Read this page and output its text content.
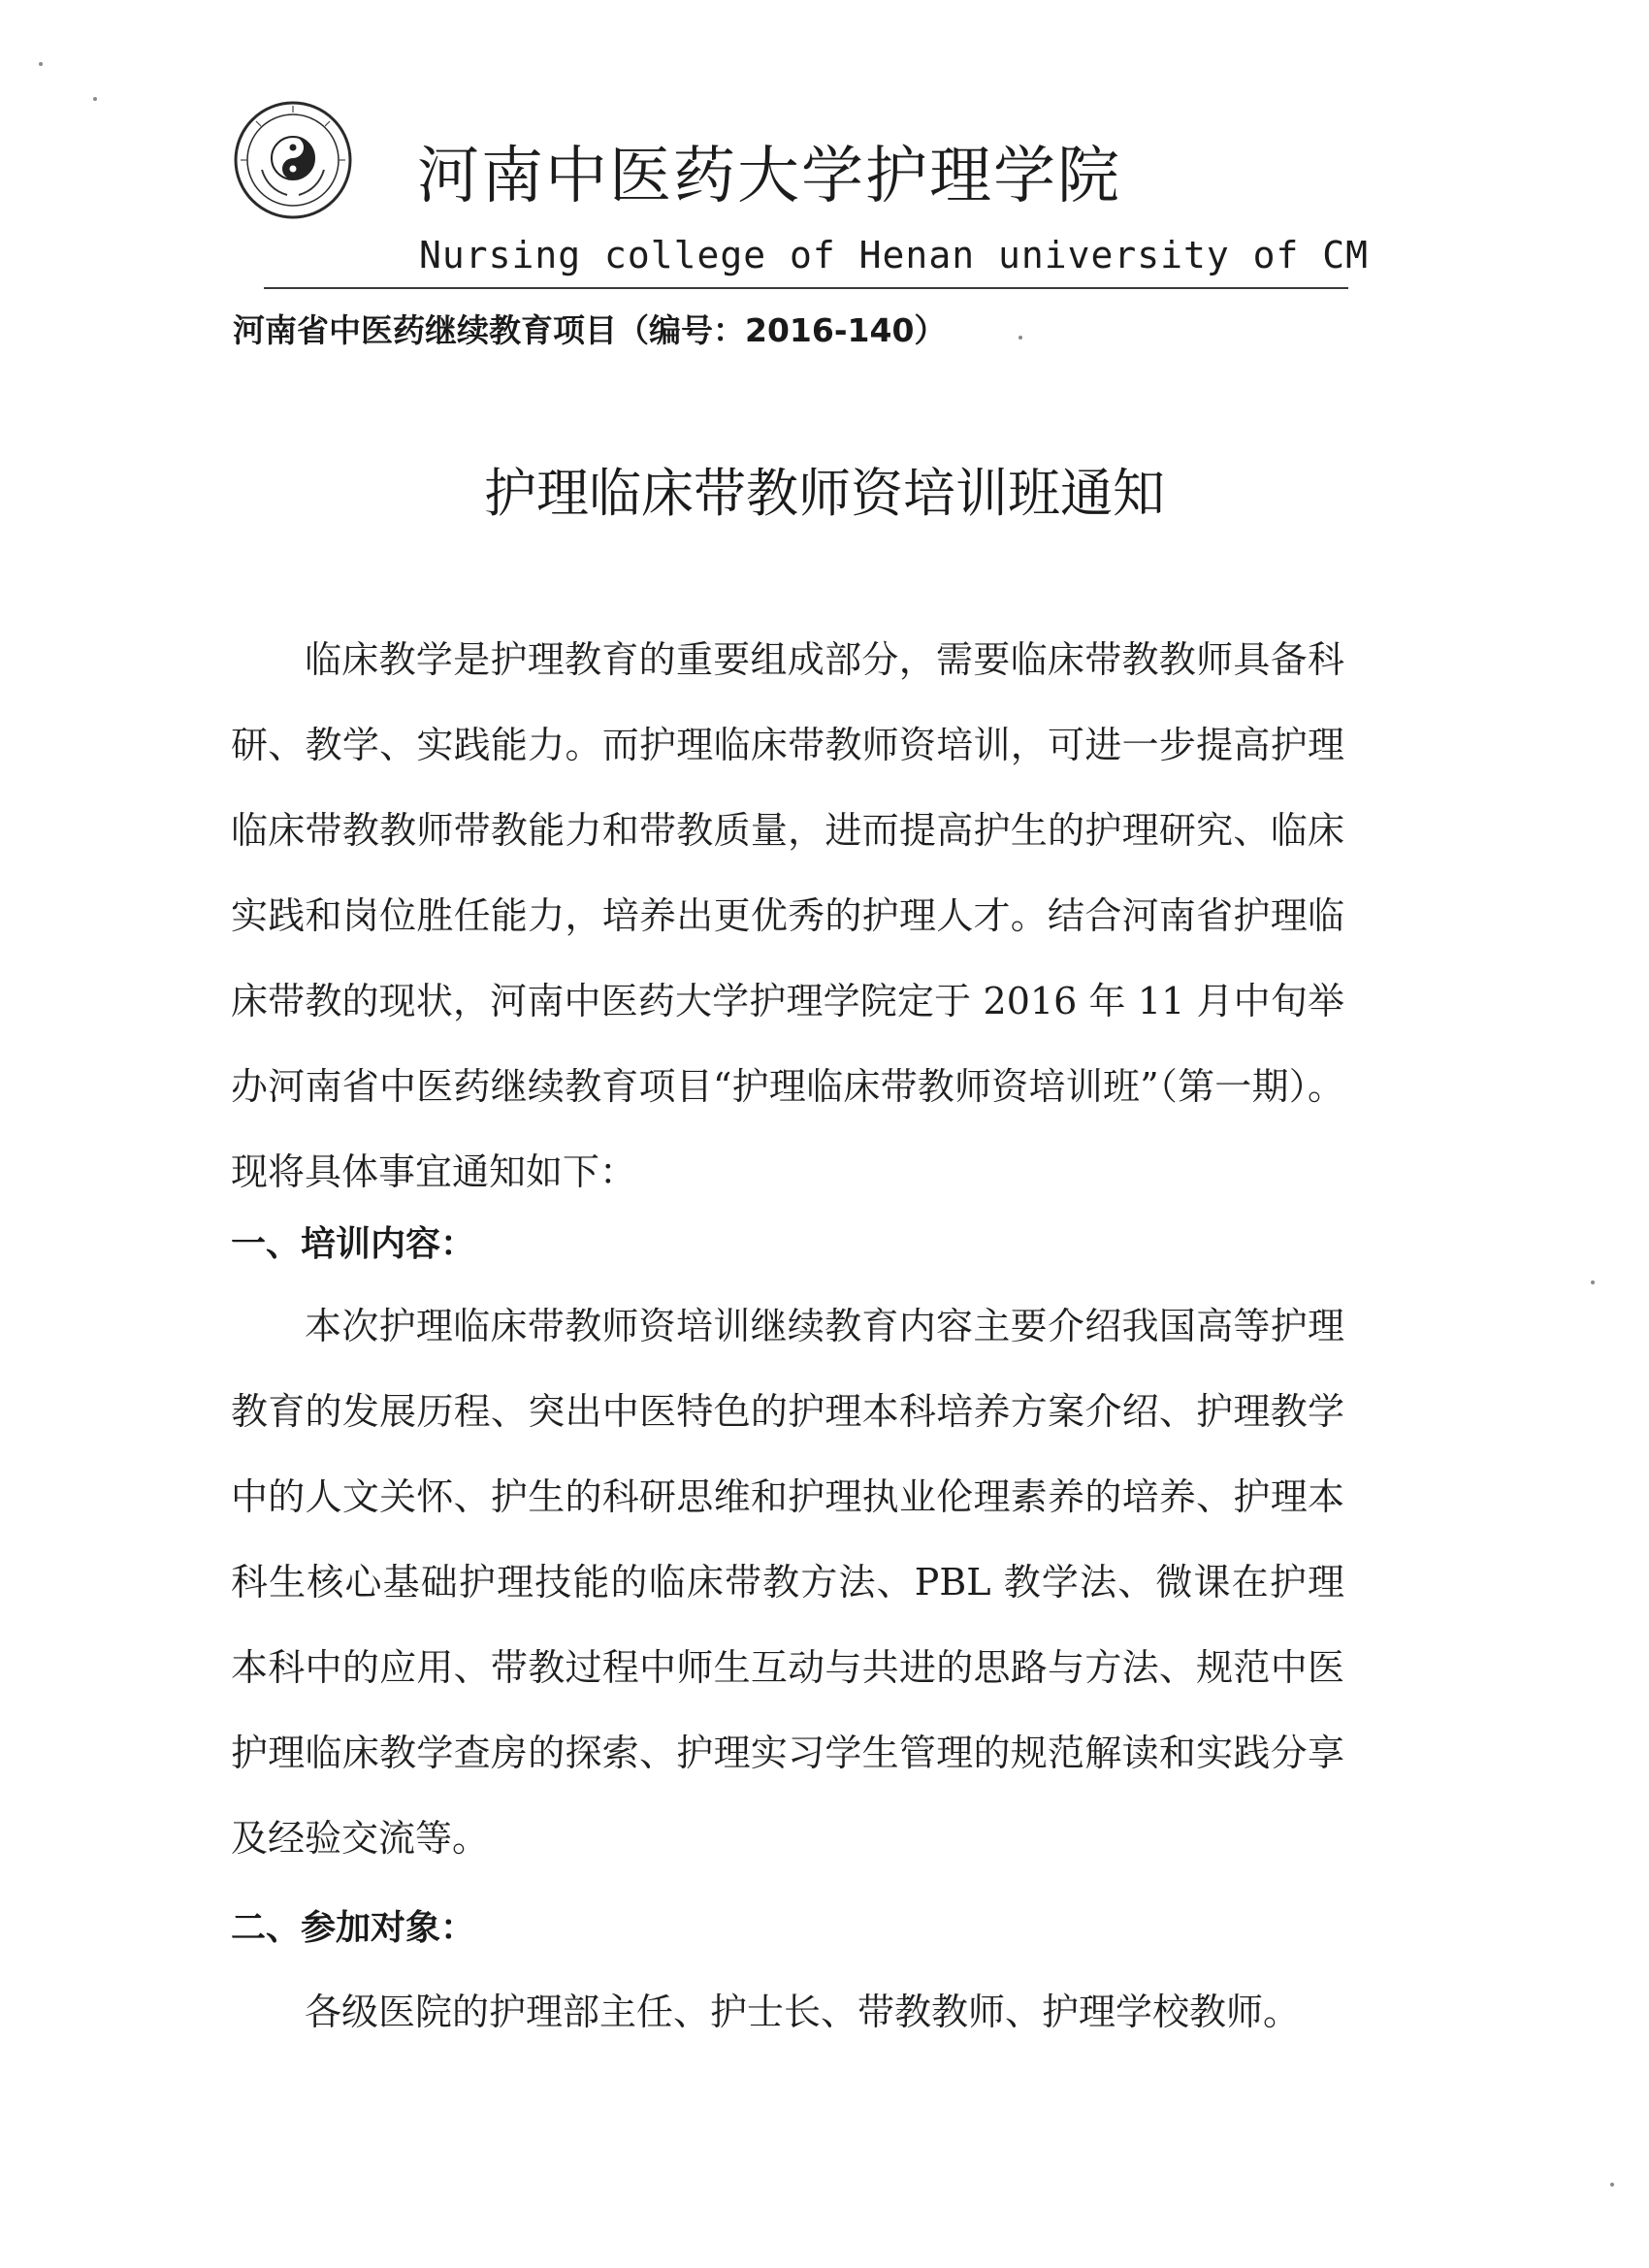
河南中医药大学护理学院
Nursing college of Henan university of CM
河南省中医药继续教育项目（编号：2016-140）
护理临床带教师资培训班通知

临床教学是护理教育的重要组成部分，需要临床带教教师具备科研、教学、实践能力。而护理临床带教师资培训，可进一步提高护理临床带教教师带教能力和带教质量，进而提高护生的护理研究、临床实践和岗位胜任能力，培养出更优秀的护理人才。结合河南省护理临床带教的现状，河南中医药大学护理学院定于 2016 年 11 月中旬举办河南省中医药继续教育项目“护理临床带教师资培训班”（第一期）。现将具体事宜通知如下：

一、培训内容：

本次护理临床带教师资培训继续教育内容主要介绍我国高等护理教育的发展历程、突出中医特色的护理本科培养方案介绍、护理教学中的人文关怀、护生的科研思维和护理执业伦理素养的培养、护理本科生核心基础护理技能的临床带教方法、PBL 教学法、微课在护理本科中的应用、带教过程中师生互动与共进的思路与方法、规范中医护理临床教学查房的探索、护理实习学生管理的规范解读和实践分享及经验交流等。

二、参加对象：

各级医院的护理部主任、护士长、带教教师、护理学校教师。
